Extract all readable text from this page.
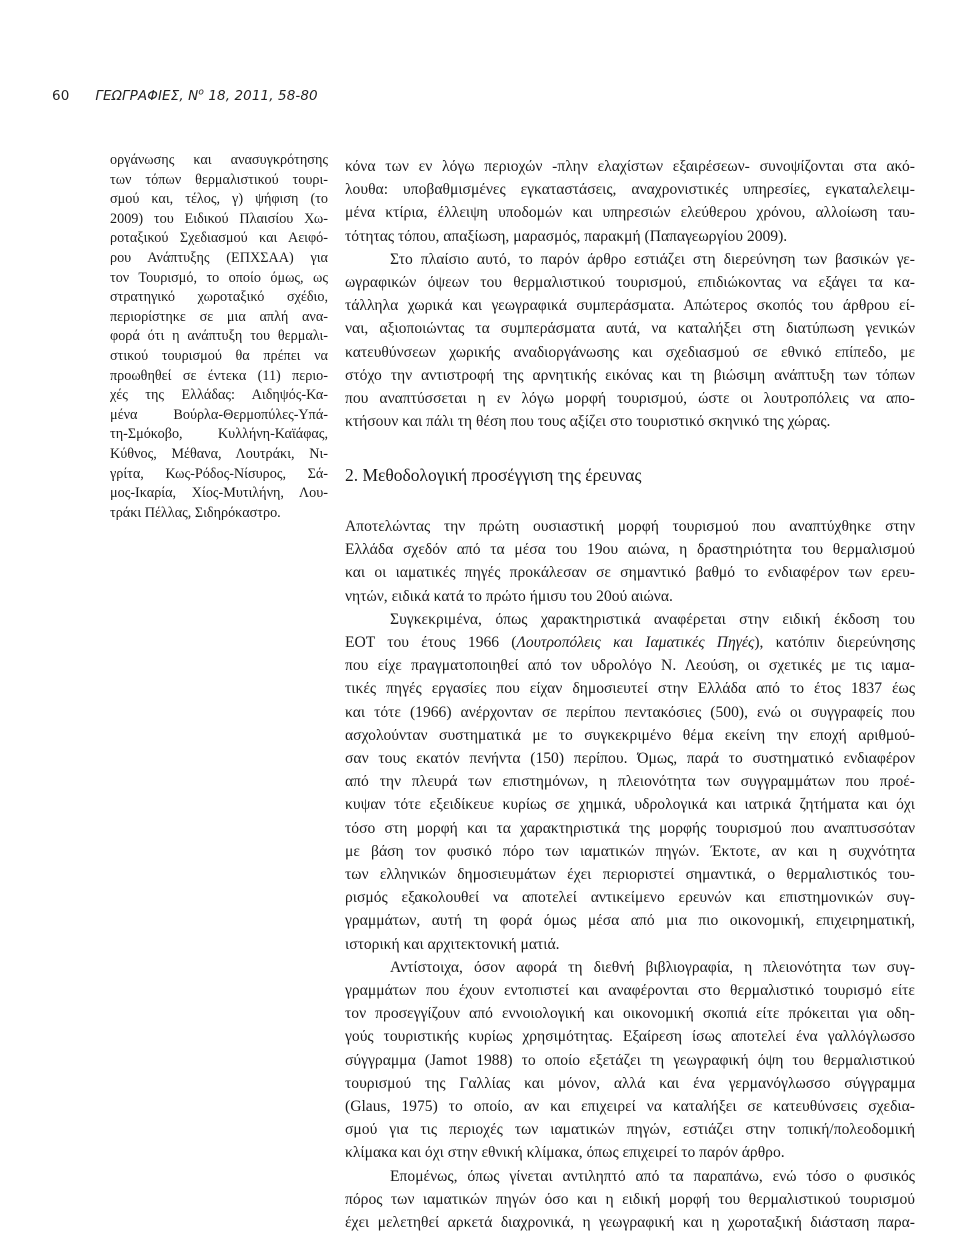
60 ΓΕΩΓΡΑΦΙΕΣ, $N^o$ 18, 2011, 58-80
οργάνωσης και ανασυγκρότησης
των τόπων θερμαλιστικού τουρι-
σμού και, τέλος, γ) ψήφιση (το
2009) του Ειδικού Πλαισίου Χω-
ροταξικού Σχεδιασμού και Αειφό-
ρου Ανάπτυξης (ΕΠΧΣΑΑ) για
τον Τουρισμό, το οποίο όμως, ως
στρατηγικό χωροταξικό σχέδιο,
περιορίστηκε σε μια απλή ανα-
φορά ότι η ανάπτυξη του θερμαλι-
στικού τουρισμού θα πρέπει να
προωθηθεί σε έντεκα (11) περιο-
χές της Ελλάδας: Αιδηψός-Κα-
μένα Βούρλα-Θερμοπύλες-Υπά-
τη-Σμόκοβο, Κυλλήνη-Καϊάφας,
Κύθνος, Μέθανα, Λουτράκι, Νι-
γρίτα, Κως-Ρόδος-Νίσυρος, Σά-
μος-Ικαρία, Χίος-Μυτιλήνη, Λου-
τράκι Πέλλας, Σιδηρόκαστρο.
κόνα των εν λόγω περιοχών -πλην ελαχίστων εξαιρέσεων- συνοψίζονται στα ακό-
λουθα: υποβαθμισμένες εγκαταστάσεις, αναχρονιστικές υπηρεσίες, εγκαταλελειμ-
μένα κτίρια, έλλειψη υποδομών και υπηρεσιών ελεύθερου χρόνου, αλλοίωση ταυ-
τότητας τόπου, απαξίωση, μαρασμός, παρακμή (Παπαγεωργίου 2009).
Στο πλαίσιο αυτό, το παρόν άρθρο εστιάζει στη διερεύνηση των βασικών γε-
ωγραφικών όψεων του θερμαλιστικού τουρισμού, επιδιώκοντας να εξάγει τα κα-
τάλληλα χωρικά και γεωγραφικά συμπεράσματα. Απώτερος σκοπός του άρθρου εί-
ναι, αξιοποιώντας τα συμπεράσματα αυτά, να καταλήξει στη διατύπωση γενικών
κατευθύνσεων χωρικής αναδιοργάνωσης και σχεδιασμού σε εθνικό επίπεδο, με
στόχο την αντιστροφή της αρνητικής εικόνας και τη βιώσιμη ανάπτυξη των τόπων
που αναπτύσσεται η εν λόγω μορφή τουρισμού, ώστε οι λουτροπόλεις να απο-
κτήσουν και πάλι τη θέση που τους αξίζει στο τουριστικό σκηνικό της χώρας.
2. Μεθοδολογική προσέγγιση της έρευνας
Αποτελώντας την πρώτη ουσιαστική μορφή τουρισμού που αναπτύχθηκε στην
Ελλάδα σχεδόν από τα μέσα του 19ου αιώνα, η δραστηριότητα του θερμαλισμού
και οι ιαματικές πηγές προκάλεσαν σε σημαντικό βαθμό το ενδιαφέρον των ερευ-
νητών, ειδικά κατά το πρώτο ήμισυ του 20ού αιώνα.
Συγκεκριμένα, όπως χαρακτηριστικά αναφέρεται στην ειδική έκδοση του
ΕΟΤ του έτους 1966 (Λουτροπόλεις και Ιαματικές Πηγές), κατόπιν διερεύνησης
που είχε πραγματοποιηθεί από τον υδρολόγο Ν. Λεούση, οι σχετικές με τις ιαμα-
τικές πηγές εργασίες που είχαν δημοσιευτεί στην Ελλάδα από το έτος 1837 έως
και τότε (1966) ανέρχονταν σε περίπου πεντακόσιες (500), ενώ οι συγγραφείς που
ασχολούνταν συστηματικά με το συγκεκριμένο θέμα εκείνη την εποχή αριθμού-
σαν τους εκατόν πενήντα (150) περίπου. Όμως, παρά το συστηματικό ενδιαφέρον
από την πλευρά των επιστημόνων, η πλειονότητα των συγγραμμάτων που προέ-
κυψαν τότε εξειδίκευε κυρίως σε χημικά, υδρολογικά και ιατρικά ζητήματα και όχι
τόσο στη μορφή και τα χαρακτηριστικά της μορφής τουρισμού που αναπτυσσόταν
με βάση τον φυσικό πόρο των ιαματικών πηγών. Έκτοτε, αν και η συχνότητα
των ελληνικών δημοσιευμάτων έχει περιοριστεί σημαντικά, ο θερμαλιστικός του-
ρισμός εξακολουθεί να αποτελεί αντικείμενο ερευνών και επιστημονικών συγ-
γραμμάτων, αυτή τη φορά όμως μέσα από μια πιο οικονομική, επιχειρηματική,
ιστορική και αρχιτεκτονική ματιά.
Αντίστοιχα, όσον αφορά τη διεθνή βιβλιογραφία, η πλειονότητα των συγ-
γραμμάτων που έχουν εντοπιστεί και αναφέρονται στο θερμαλιστικό τουρισμό είτε
τον προσεγγίζουν από εννοιολογική και οικονομική σκοπιά είτε πρόκειται για οδη-
γούς τουριστικής κυρίως χρησιμότητας. Εξαίρεση ίσως αποτελεί ένα γαλλόγλωσσο
σύγγραμμα (Jamot 1988) το οποίο εξετάζει τη γεωγραφική όψη του θερμαλιστικού
τουρισμού της Γαλλίας και μόνον, αλλά και ένα γερμανόγλωσσο σύγγραμμα
(Glaus, 1975) το οποίο, αν και επιχειρεί να καταλήξει σε κατευθύνσεις σχεδια-
σμού για τις περιοχές των ιαματικών πηγών, εστιάζει στην τοπική/πολεοδομική
κλίμακα και όχι στην εθνική κλίμακα, όπως επιχειρεί το παρόν άρθρο.
Επομένως, όπως γίνεται αντιληπτό από τα παραπάνω, ενώ τόσο ο φυσικός
πόρος των ιαματικών πηγών όσο και η ειδική μορφή του θερμαλιστικού τουρισμού
έχει μελετηθεί αρκετά διαχρονικά, η γεωγραφική και η χωροταξική διάσταση παρα-
